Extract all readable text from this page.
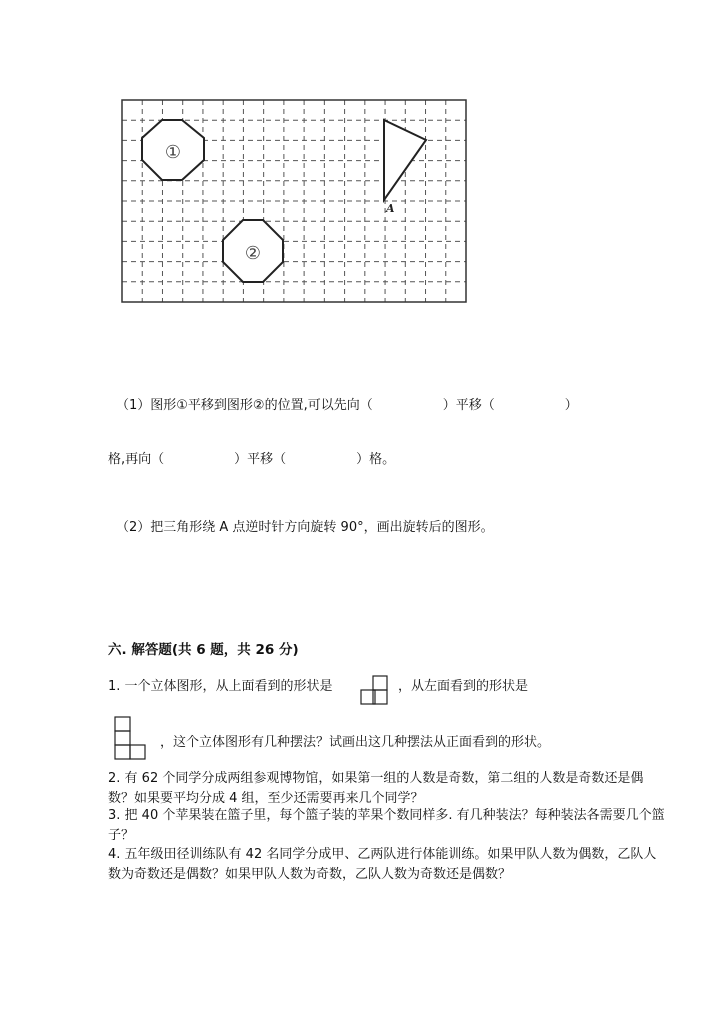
①
②
A
（1）图形①平移到图形②的位置,可以先向（	）平移（	）
格,再向（	）平移（	）格。
（2）把三角形绕 A 点逆时针方向旋转 90°，画出旋转后的图形。
六. 解答题(共 6 题，共 26 分)
1. 一个立体图形，从上面看到的形状是	，从左面看到的形状是
，这个立体图形有几种摆法？试画出这几种摆法从正面看到的形状。
2. 有 62 个同学分成两组参观博物馆，如果第一组的人数是奇数，第二组的人数是奇数还是偶数？如果要平均分成 4 组，至少还需要再来几个同学？
3. 把 40 个苹果装在篮子里，每个篮子装的苹果个数同样多. 有几种装法？每种装法各需要几个篮子？
4. 五年级田径训练队有 42 名同学分成甲、乙两队进行体能训练。如果甲队人数为偶数，乙队人数为奇数还是偶数？如果甲队人数为奇数，乙队人数为奇数还是偶数？
